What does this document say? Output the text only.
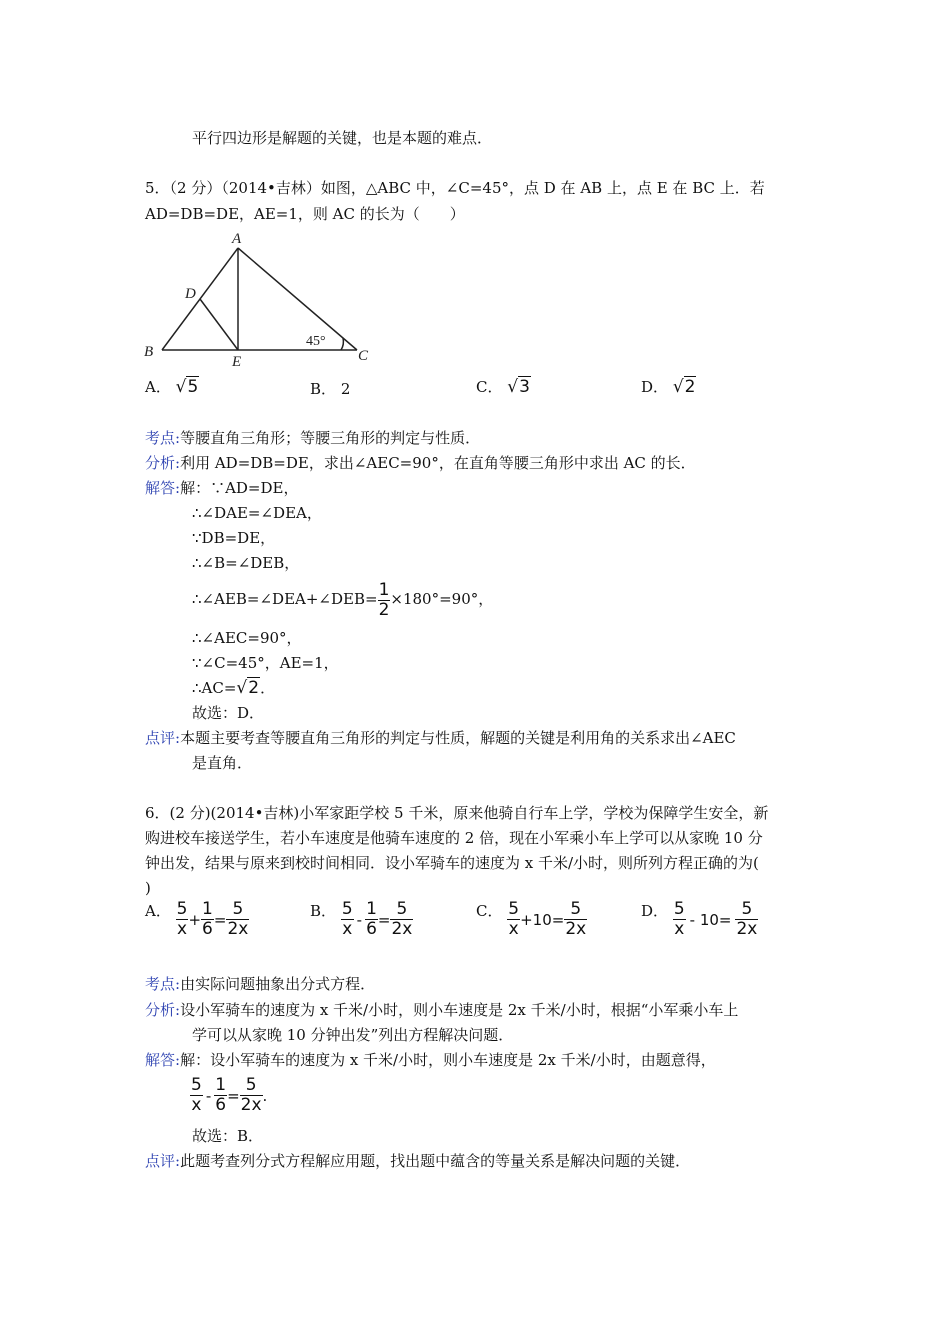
平行四边形是解题的关键，也是本题的难点．
5．（2 分）（2014•吉林）如图，△ABC 中，∠C=45°，点 D 在 AB 上，点 E 在 BC 上．若
AD=DB=DE，AE=1，则 AC 的长为（　　）
A
D
B
E	C
45°
A． √5	B． 2	C． √3	D． √2
考点:等腰直角三角形；等腰三角形的判定与性质．
分析:利用 AD=DB=DE，求出∠AEC=90°，在直角等腰三角形中求出 AC 的长．
解答:解：∵AD=DE，
∴∠DAE=∠DEA，
∵DB=DE，
∴∠B=∠DEB，
∴∠AEB=∠DEA+∠DEB= $\frac{1}{2} \times 180^\circ=90^\circ$，
∴∠AEC=90°，
∵∠C=45°，AE=1，
∴AC=√2．
故选：D．
点评:本题主要考查等腰直角三角形的判定与性质，解题的关键是利用角的关系求出∠AEC
是直角．
6．(2 分)(2014•吉林)小军家距学校 5 千米，原来他骑自行车上学，学校为保障学生安全，新
购进校车接送学生，若小车速度是他骑车速度的 2 倍，现在小军乘小车上学可以从家晚 10 分
钟出发，结果与原来到校时间相同．设小军骑车的速度为 x 千米/小时，则所列方程正确的为(
)
A． $\frac{5}{x} + \frac{1}{6} = \frac{5}{2x}$	B． $\frac{5}{x} - \frac{1}{6} = \frac{5}{2x}$	C． $\frac{5}{x} +10= \frac{5}{2x}$	D． $\frac{5}{x} - 10= \frac{5}{2x}$
考点:由实际问题抽象出分式方程．
分析:设小军骑车的速度为 x 千米/小时，则小车速度是 2x 千米/小时，根据“小军乘小车上
学可以从家晚 10 分钟出发”列出方程解决问题．
解答:解：设小军骑车的速度为 x 千米/小时，则小车速度是 2x 千米/小时，由题意得，
$\frac{5}{x} - \frac{1}{6} = \frac{5}{2x}$ .
故选：B．
点评:此题考查列分式方程解应用题，找出题中蕴含的等量关系是解决问题的关键．
